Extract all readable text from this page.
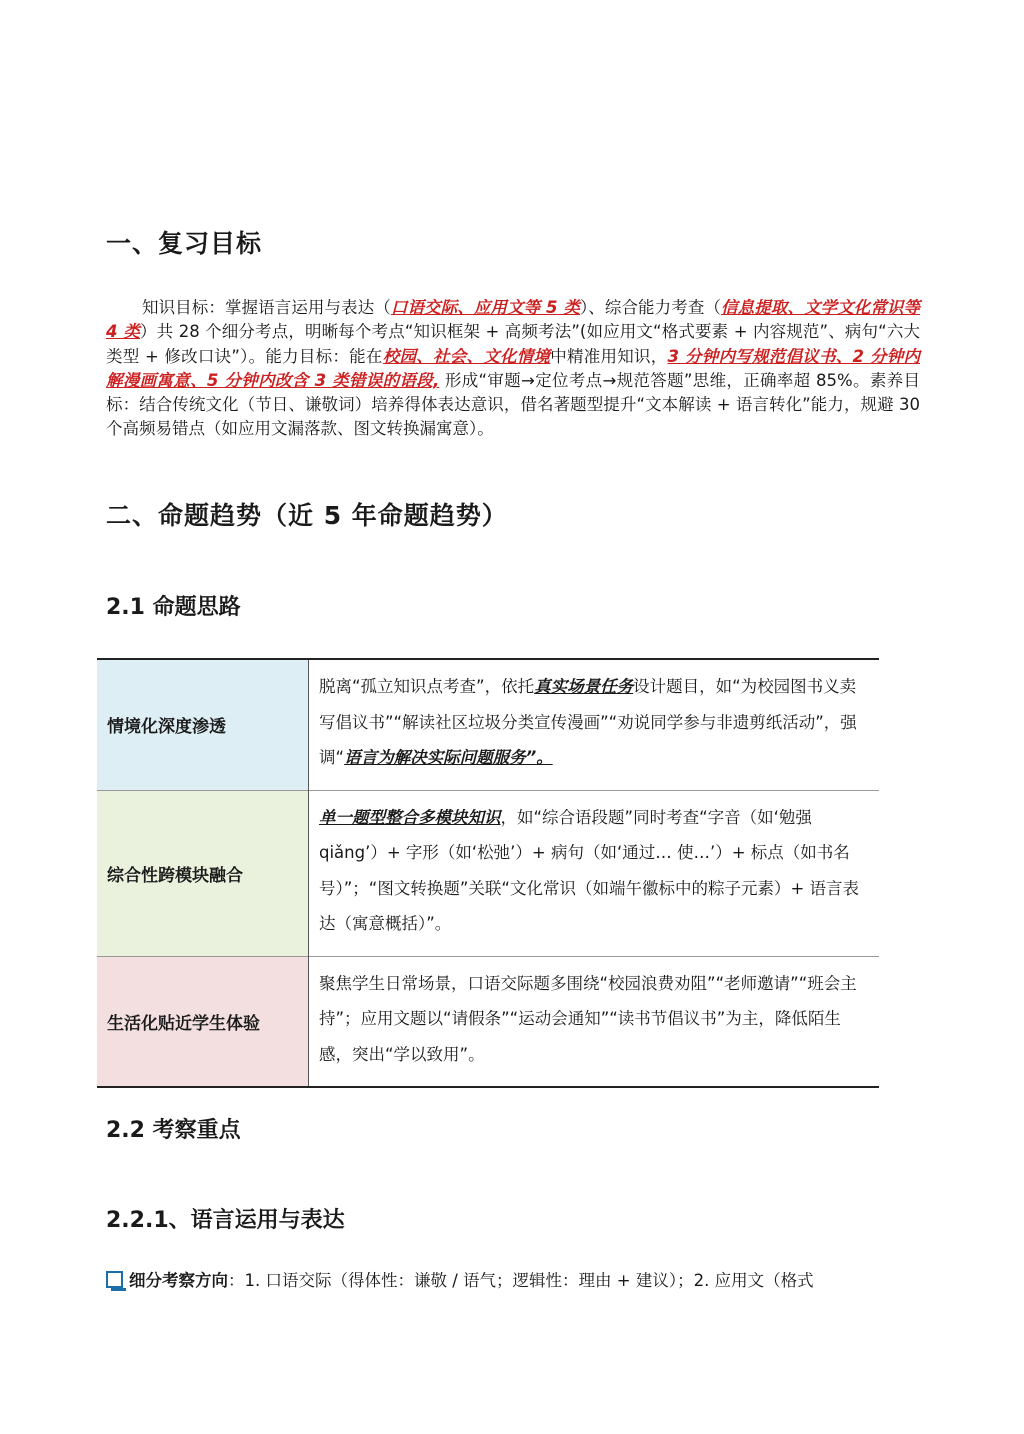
一、复习目标
知识目标：掌握语言运用与表达（口语交际、应用文等 5 类）、综合能力考查（信息提取、文学文化常识等 4 类）共 28 个细分考点，明晰每个考点“知识框架 + 高频考法”(如应用文“格式要素 + 内容规范”、病句“六大类型 + 修改口诀”）。能力目标：能在校园、社会、文化情境中精准用知识，3 分钟内写规范倡议书、2 分钟内解漫画寓意、5 分钟内改含 3 类错误的语段, 形成“审题→定位考点→规范答题”思维，正确率超 85%。素养目标：结合传统文化（节日、谦敬词）培养得体表达意识，借名著题型提升“文本解读 + 语言转化”能力，规避 30 个高频易错点（如应用文漏落款、图文转换漏寓意）。
二、命题趋势（近 5 年命题趋势）
2.1 命题思路
情境化深度渗透	脱离“孤立知识点考查”，依托真实场景任务设计题目，如“为校园图书义卖写倡议书”“解读社区垃圾分类宣传漫画”“劝说同学参与非遗剪纸活动”，强调“语言为解决实际问题服务”。
综合性跨模块融合	单一题型整合多模块知识，如“综合语段题”同时考查“字音（如‘勉强 qiǎng’）+ 字形（如‘松弛’）+ 病句（如‘通过… 使…’）+ 标点（如书名号）”；“图文转换题”关联“文化常识（如端午徽标中的粽子元素）+ 语言表达（寓意概括）”。
生活化贴近学生体验	聚焦学生日常场景，口语交际题多围绕“校园浪费劝阻”“老师邀请”“班会主持”；应用文题以“请假条”“运动会通知”“读书节倡议书”为主，降低陌生感，突出“学以致用”。
2.2 考察重点
2.2.1、语言运用与表达
细分考察方向：1. 口语交际（得体性：谦敬 / 语气；逻辑性：理由 + 建议）；2. 应用文（格式
